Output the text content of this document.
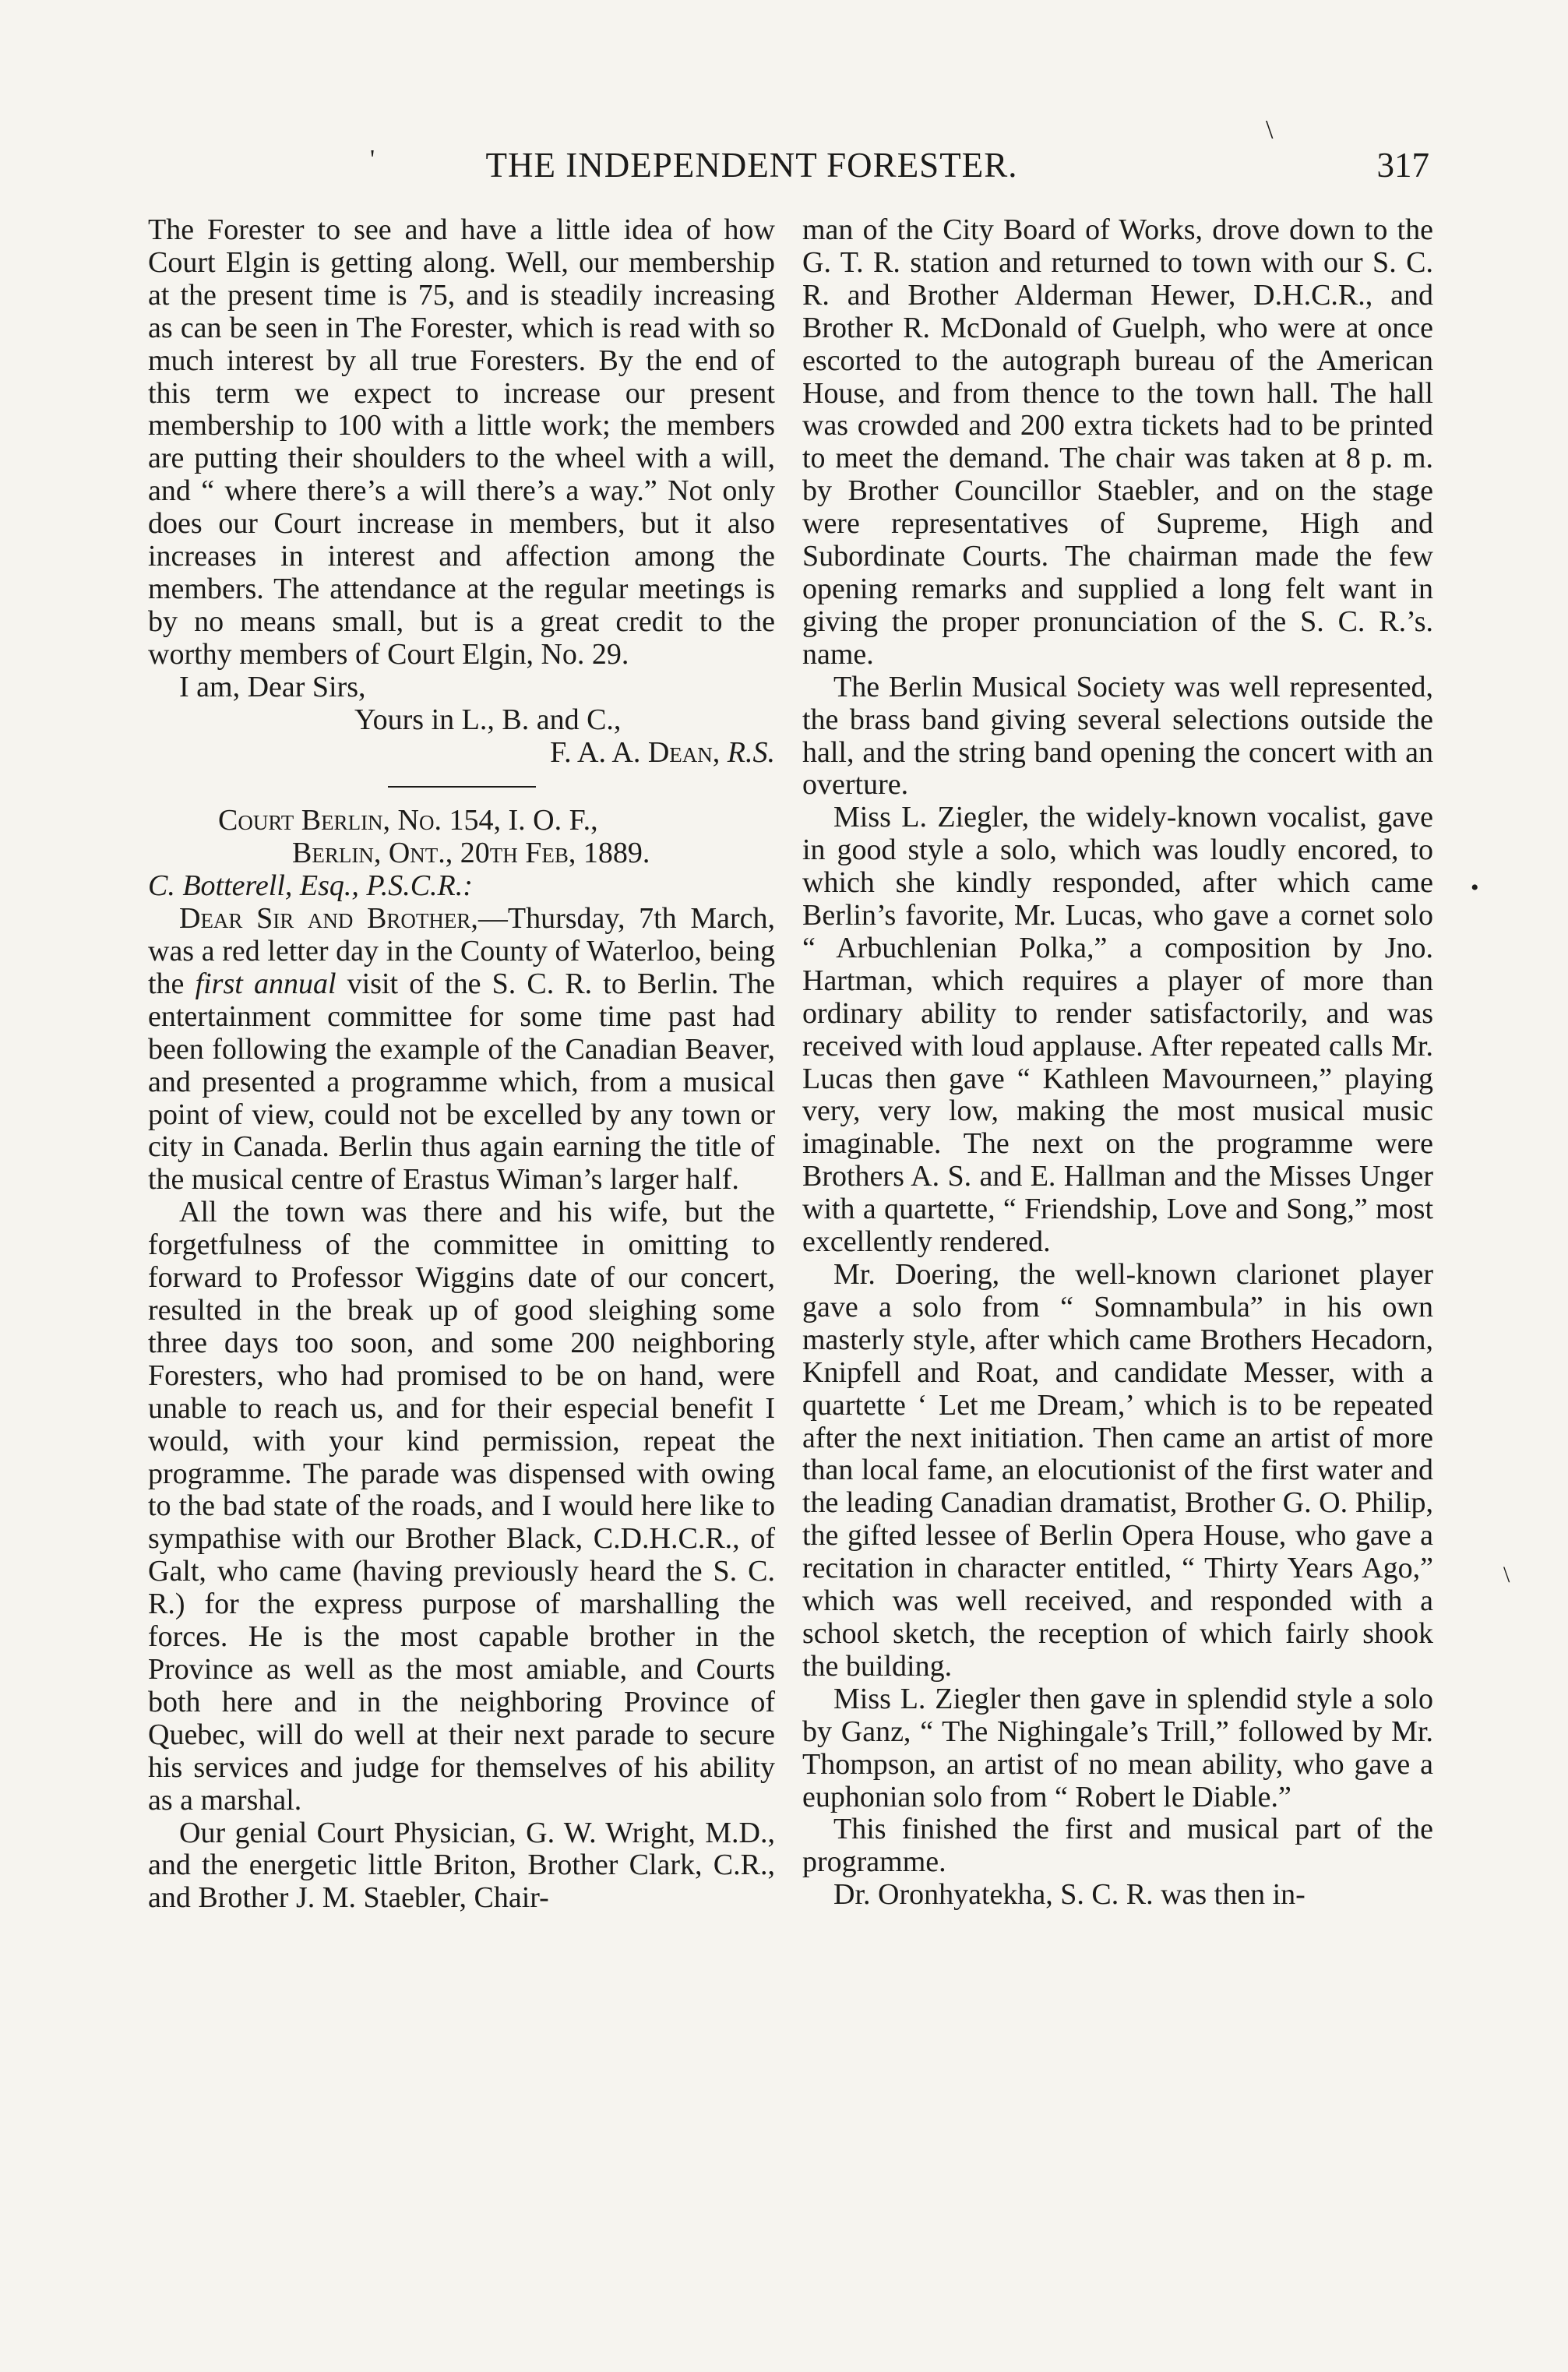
'	THE INDEPENDENT FORESTER.
\
317

The Forester to see and have a little idea of how Court Elgin is getting along. Well, our membership at the present time is 75, and is steadily increasing as can be seen in The Forester, which is read with so much interest by all true Foresters. By the end of this term we expect to increase our present membership to 100 with a little work; the members are putting their shoulders to the wheel with a will, and “ where there’s a will there’s a way.” Not only does our Court increase in members, but it also increases in interest and affection among the members. The attendance at the regular meetings is by no means small, but is a great credit to the worthy members of Court Elgin, No. 29.

I am, Dear Sirs,

Yours in L., B. and C.,

F. A. A. Dean, R.S.

Court Berlin, No. 154, I. O. F.,

Berlin, Ont., 20th Feb, 1889.

C. Botterell, Esq., P.S.C.R.:

Dear Sir and Brother,—Thursday, 7th March, was a red letter day in the County of Waterloo, being the first annual visit of the S. C. R. to Berlin. The entertainment committee for some time past had been following the example of the Canadian Beaver, and presented a programme which, from a musical point of view, could not be excelled by any town or city in Canada. Berlin thus again earning the title of the musical centre of Erastus Wiman’s larger half.

All the town was there and his wife, but the forgetfulness of the committee in omitting to forward to Professor Wiggins date of our concert, resulted in the break up of good sleighing some three days too soon, and some 200 neighboring Foresters, who had promised to be on hand, were unable to reach us, and for their especial benefit I would, with your kind permission, repeat the programme. The parade was dispensed with owing to the bad state of the roads, and I would here like to sympathise with our Brother Black, C.D.H.C.R., of Galt, who came (having previously heard the S. C. R.) for the express purpose of marshalling the forces. He is the most capable brother in the Province as well as the most amiable, and Courts both here and in the neighboring Province of Quebec, will do well at their next parade to secure his services and judge for themselves of his ability as a marshal.

Our genial Court Physician, G. W. Wright, M.D., and the energetic little Briton, Brother Clark, C.R., and Brother J. M. Staebler, Chair-

man of the City Board of Works, drove down to the G. T. R. station and returned to town with our S. C. R. and Brother Alderman Hewer, D.H.C.R., and Brother R. McDonald of Guelph, who were at once escorted to the autograph bureau of the American House, and from thence to the town hall. The hall was crowded and 200 extra tickets had to be printed to meet the demand. The chair was taken at 8 p. m. by Brother Councillor Staebler, and on the stage were representatives of Supreme, High and Subordinate Courts. The chairman made the few opening remarks and supplied a long felt want in giving the proper pronunciation of the S. C. R.’s. name.

The Berlin Musical Society was well represented, the brass band giving several selections outside the hall, and the string band opening the concert with an overture.

Miss L. Ziegler, the widely-known vocalist, gave in good style a solo, which was loudly encored, to which she kindly responded, after which came Berlin’s favorite, Mr. Lucas, who gave a cornet solo “ Arbuchlenian Polka,” a composition by Jno. Hartman, which requires a player of more than ordinary ability to render satisfactorily, and was received with loud applause. After repeated calls Mr. Lucas then gave “ Kathleen Mavourneen,” playing very, very low, making the most musical music imaginable. The next on the programme were Brothers A. S. and E. Hallman and the Misses Unger with a quartette, “ Friendship, Love and Song,” most excellently rendered.

Mr. Doering, the well-known clarionet player gave a solo from “ Somnambula” in his own masterly style, after which came Brothers Hecadorn, Knipfell and Roat, and candidate Messer, with a quartette ‘ Let me Dream,’ which is to be repeated after the next initiation. Then came an artist of more than local fame, an elocutionist of the first water and the leading Canadian dramatist, Brother G. O. Philip, the gifted lessee of Berlin Opera House, who gave a recitation in character entitled, “ Thirty Years Ago,” which was well received, and responded with a school sketch, the reception of which fairly shook the building.

Miss L. Ziegler then gave in splendid style a solo by Ganz, “ The Nighingale’s Trill,” followed by Mr. Thompson, an artist of no mean ability, who gave a euphonian solo from “ Robert le Diable.”

This finished the first and musical part of the programme.

Dr. Oronhyatekha, S. C. R. was then in-

•
\
